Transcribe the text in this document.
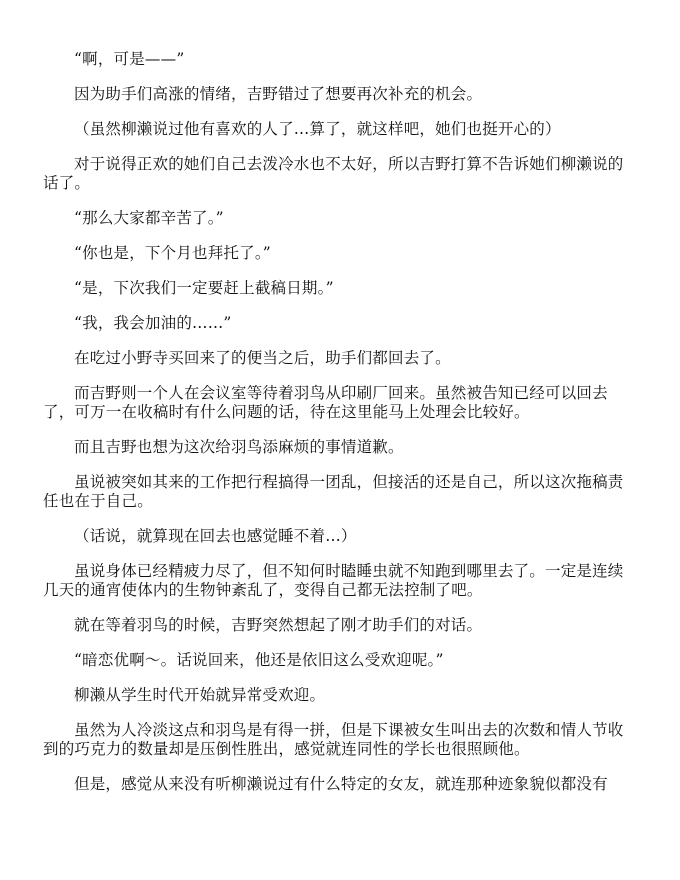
“啊，可是——”

因为助手们高涨的情绪，吉野错过了想要再次补充的机会。

（虽然柳濑说过他有喜欢的人了…算了，就这样吧，她们也挺开心的）

对于说得正欢的她们自己去泼冷水也不太好，所以吉野打算不告诉她们柳濑说的话了。

“那么大家都辛苦了。”

“你也是，下个月也拜托了。”

“是，下次我们一定要赶上截稿日期。”

“我，我会加油的……”

在吃过小野寺买回来了的便当之后，助手们都回去了。

而吉野则一个人在会议室等待着羽鸟从印刷厂回来。虽然被告知已经可以回去了，可万一在收稿时有什么问题的话，待在这里能马上处理会比较好。

而且吉野也想为这次给羽鸟添麻烦的事情道歉。

虽说被突如其来的工作把行程搞得一团乱，但接活的还是自己，所以这次拖稿责任也在于自己。

（话说，就算现在回去也感觉睡不着…）

虽说身体已经精疲力尽了，但不知何时瞌睡虫就不知跑到哪里去了。一定是连续几天的通宵使体内的生物钟紊乱了，变得自己都无法控制了吧。

就在等着羽鸟的时候，吉野突然想起了刚才助手们的对话。

“暗恋优啊～。话说回来，他还是依旧这么受欢迎呢。”

柳濑从学生时代开始就异常受欢迎。

虽然为人冷淡这点和羽鸟是有得一拼，但是下课被女生叫出去的次数和情人节收到的巧克力的数量却是压倒性胜出，感觉就连同性的学长也很照顾他。

但是，感觉从来没有听柳濑说过有什么特定的女友，就连那种迹象貌似都没有
